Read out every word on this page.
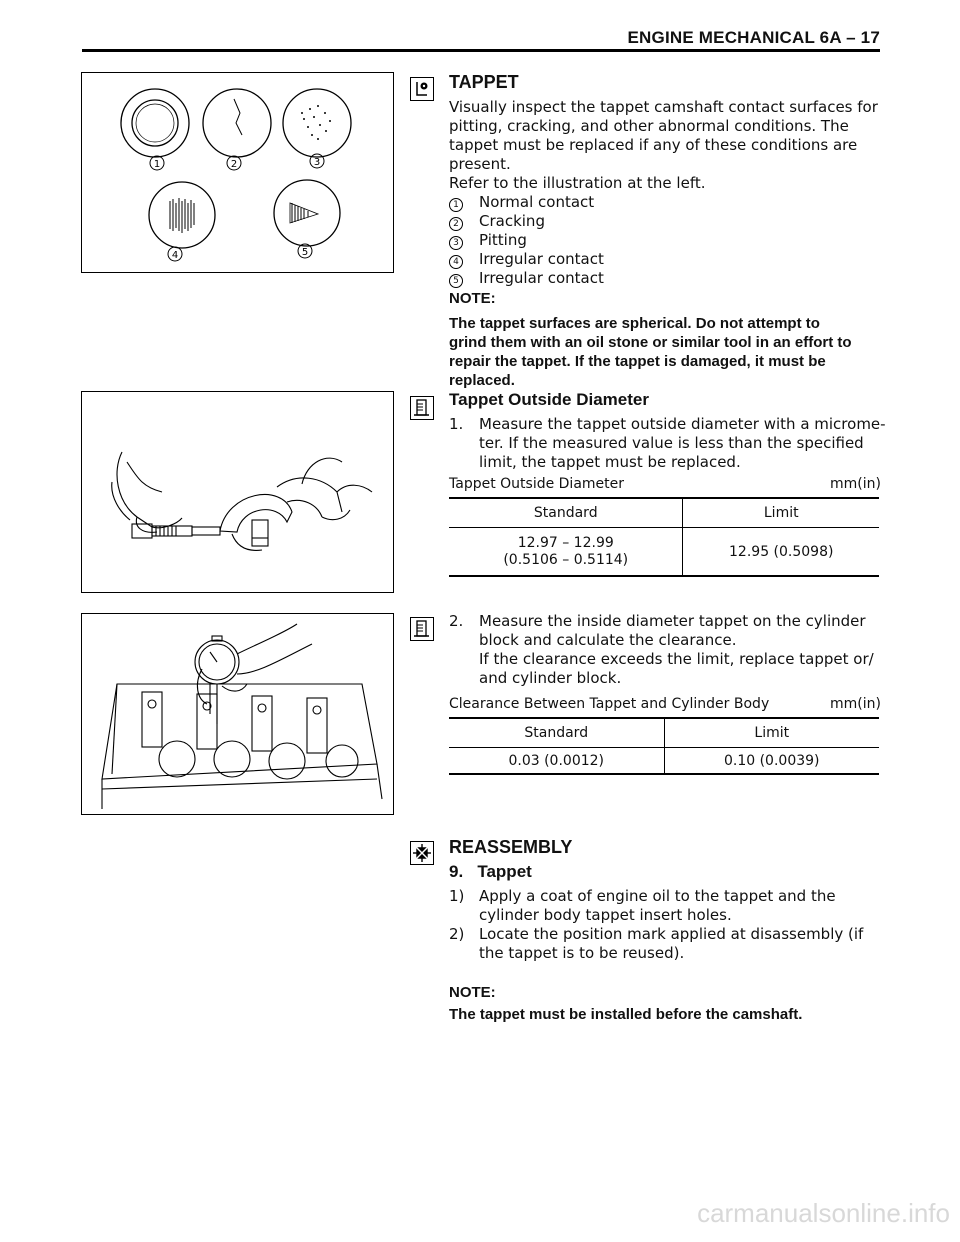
ENGINE MECHANICAL 6A – 17
1	2	3
4	5
TAPPET
Visually inspect the tappet camshaft contact surfaces for
pitting, cracking, and other abnormal conditions. The
tappet must be replaced if any of these conditions are
present.
Refer to the illustration at the left.
1	Normal contact
2	Cracking
3	Pitting
4	Irregular contact
5	Irregular contact
NOTE:
The tappet surfaces are spherical. Do not attempt to
grind them with an oil stone or similar tool in an effort to
repair the tappet. If the tappet is damaged, it must be
replaced.
Tappet Outside Diameter
1.	Measure the tappet outside diameter with a microme-
ter. If the measured value is less than the specified
limit, the tappet must be replaced.
Tappet Outside Diameter	mm(in)
Standard	Limit

12.97 – 12.99
(0.5106 – 0.5114)	12.95 (0.5098)
2.	Measure the inside diameter tappet on the cylinder
block and calculate the clearance.
If the clearance exceeds the limit, replace tappet or/
and cylinder block.
Clearance Between Tappet and Cylinder Body	mm(in)
Standard	Limit
0.03 (0.0012)	0.10 (0.0039)
REASSEMBLY
9.   Tappet
1) Apply a coat of engine oil to the tappet and the
cylinder body tappet insert holes.
2) Locate the position mark applied at disassembly (if
the tappet is to be reused).
NOTE:
The tappet must be installed before the camshaft.
carmanualsonline.info
